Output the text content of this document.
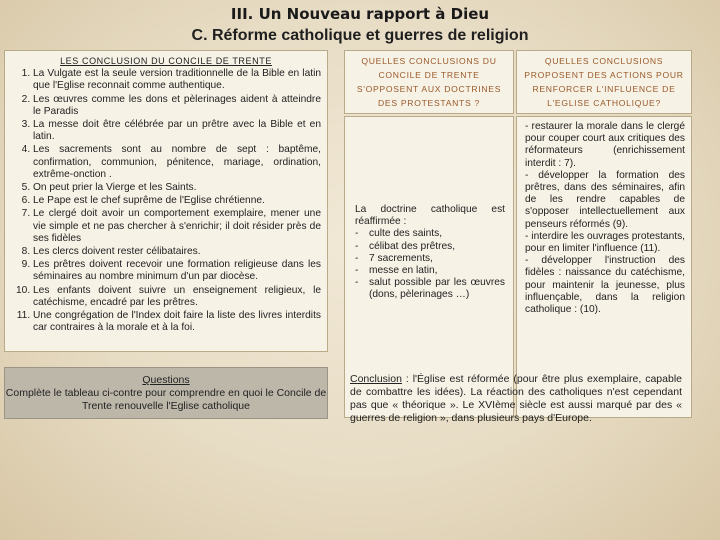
III. Un Nouveau rapport à Dieu
C. Réforme catholique et guerres de religion
LES CONCLUSION DU CONCILE DE TRENTE
1. La Vulgate est la seule version traditionnelle de la Bible en latin que l'Eglise reconnait comme authentique.
2. Les œuvres comme les dons et pèlerinages aident à atteindre le Paradis
3. La messe doit être célébrée par un prêtre avec la Bible et en latin.
4. Les sacrements sont au nombre de sept : baptême, confirmation, communion, pénitence, mariage, ordination, extrême-onction .
5. On peut prier la Vierge et les Saints.
6. Le Pape est le chef suprême de l'Eglise chrétienne.
7. Le clergé doit avoir un comportement exemplaire, mener une vie simple et ne pas chercher à s'enrichir; il doit résider près de ses fidèles
8. Les clercs doivent rester célibataires.
9. Les prêtres doivent recevoir une formation religieuse dans les séminaires au nombre minimum d'un par diocèse.
10. Les enfants doivent suivre un enseignement religieux, le catéchisme, encadré par les prêtres.
11. Une congrégation de l'Index doit faire la liste des livres interdits car contraires à la morale et à la foi.
Questions
Complète le tableau ci-contre pour comprendre en quoi le Concile de Trente renouvelle l'Eglise catholique
QUELLES CONCLUSIONS DU CONCILE DE TRENTE S'OPPOSENT AUX DOCTRINES DES PROTESTANTS ?
QUELLES CONCLUSIONS PROPOSENT DES ACTIONS POUR RENFORCER L'INFLUENCE DE L'EGLISE CATHOLIQUE?
La doctrine catholique est réaffirmée :
- culte des saints,
- célibat des prêtres,
- 7 sacrements,
- messe en latin,
- salut possible par les œuvres (dons, pèlerinages …)
- restaurer la morale dans le clergé pour couper court aux critiques des réformateurs (enrichissement interdit : 7).
- développer la formation des prêtres, dans des séminaires, afin de les rendre capables de s'opposer intellectuellement aux penseurs réformés (9).
- interdire les ouvrages protestants, pour en limiter l'influence (11).
- développer l'instruction des fidèles : naissance du catéchisme, pour maintenir la jeunesse, plus influençable, dans la religion catholique : (10).
Conclusion : l'Église est réformée (pour être plus exemplaire, capable de combattre les idées). La réaction des catholiques n'est cependant pas que « théorique ». Le XVIème siècle est aussi marqué par des « guerres de religion », dans plusieurs pays d'Europe.
